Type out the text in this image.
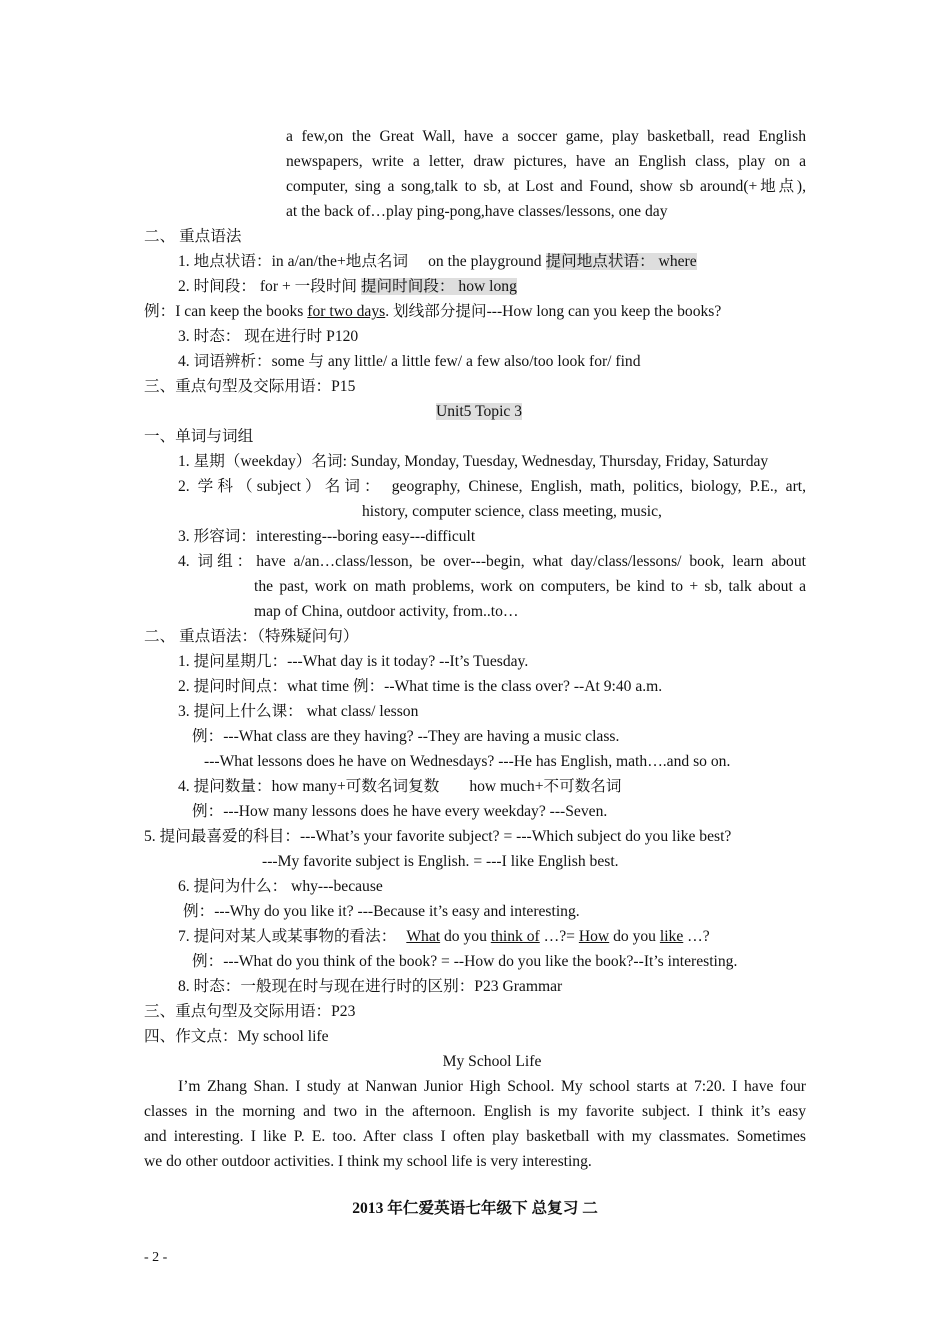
a few,on the Great Wall, have a soccer game, play basketball, read English
newspapers, write a letter, draw pictures, have an English class, play on a
computer, sing a song,talk to sb, at Lost and Found, show sb around(+地点),
at the back of…play ping-pong,have classes/lessons, one day
二、 重点语法
1. 地点状语：in a/an/the+地点名词 on the playground 提问地点状语： where
2. 时间段： for + 一段时间 提问时间段： how long
例：I can keep the books for two days. 划线部分提问---How long can you keep the books?
3. 时态： 现在进行时 P120
4. 词语辨析：some 与 any little/ a little few/ a few also/too look for/ find
三、重点句型及交际用语：P15
Unit5 Topic 3
一、单词与词组
1. 星期（weekday）名词: Sunday, Monday, Tuesday, Wednesday, Thursday, Friday, Saturday
2. 学科（subject）名词： geography, Chinese, English, math, politics, biology, P.E., art,
history, computer science, class meeting, music,
3. 形容词：interesting---boring easy---difficult
4. 词组：have a/an…class/lesson, be over---begin, what day/class/lessons/ book, learn about
the past, work on math problems, work on computers, be kind to + sb, talk about a
map of China, outdoor activity, from..to…
二、 重点语法：（特殊疑问句）
1. 提问星期几：---What day is it today? --It’s Tuesday.
2. 提问时间点：what time 例：--What time is the class over? --At 9:40 a.m.
3. 提问上什么课： what class/ lesson
例：---What class are they having? --They are having a music class.
---What lessons does he have on Wednesdays? ---He has English, math….and so on.
4. 提问数量：how many+可数名词复数 how much+不可数名词
例：---How many lessons does he have every weekday? ---Seven.
5. 提问最喜爱的科目：---What’s your favorite subject? = ---Which subject do you like best?
---My favorite subject is English. = ---I like English best.
6. 提问为什么： why---because
例：---Why do you like it? ---Because it’s easy and interesting.
7. 提问对某人或某事物的看法： What do you think of …?= How do you like …?
例：---What do you think of the book? = --How do you like the book?--It’s interesting.
8. 时态：一般现在时与现在进行时的区别：P23 Grammar
三、重点句型及交际用语：P23
四、作文点：My school life
My School Life
I’m Zhang Shan. I study at Nanwan Junior High School. My school starts at 7:20. I have four
classes in the morning and two in the afternoon. English is my favorite subject. I think it’s easy
and interesting. I like P. E. too. After class I often play basketball with my classmates. Sometimes
we do other outdoor activities. I think my school life is very interesting.
2013 年仁爱英语七年级下 总复习 二
- 2 -
